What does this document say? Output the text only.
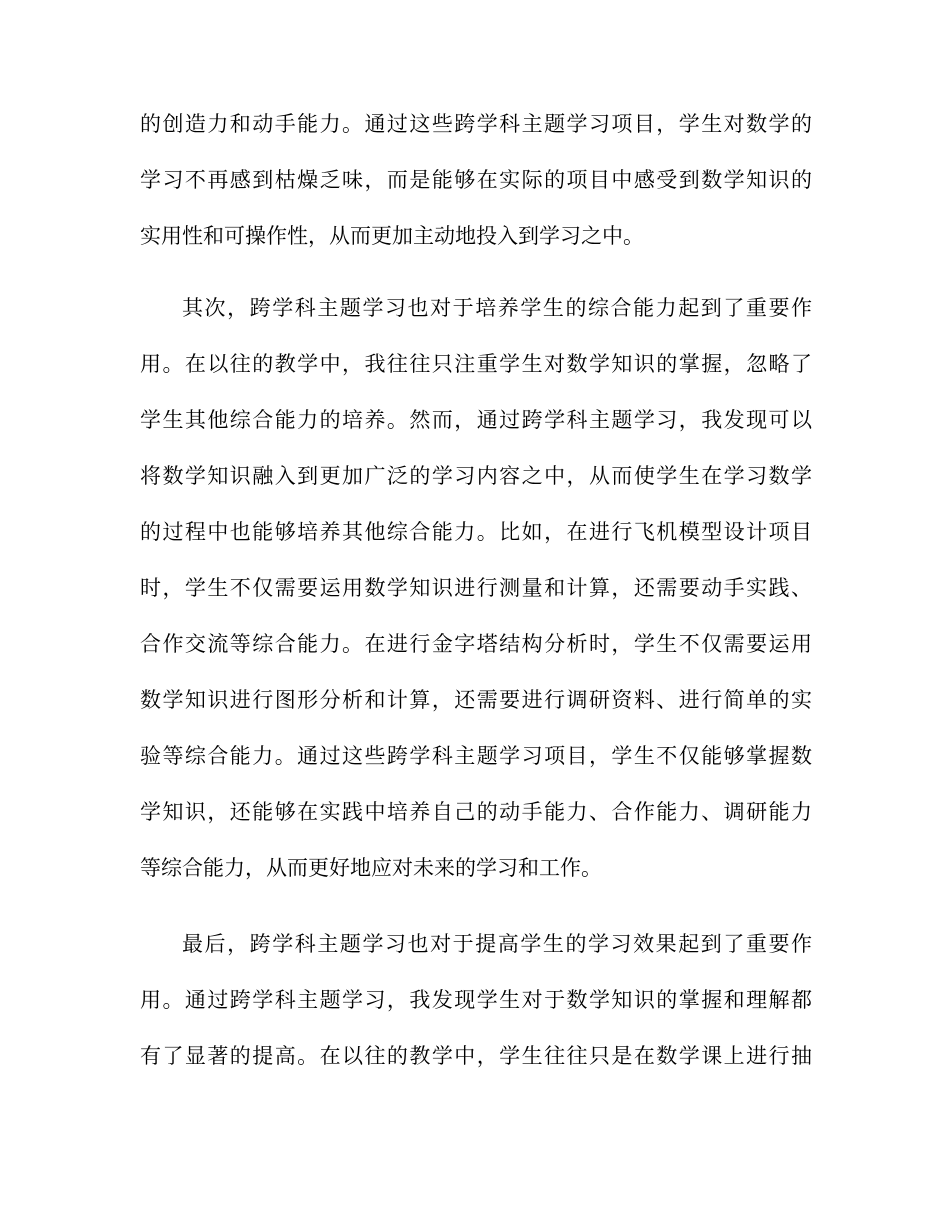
的创造力和动手能力。通过这些跨学科主题学习项目，学生对数学的
学习不再感到枯燥乏味，而是能够在实际的项目中感受到数学知识的
实用性和可操作性，从而更加主动地投入到学习之中。
其次，跨学科主题学习也对于培养学生的综合能力起到了重要作
用。在以往的教学中，我往往只注重学生对数学知识的掌握，忽略了
学生其他综合能力的培养。然而，通过跨学科主题学习，我发现可以
将数学知识融入到更加广泛的学习内容之中，从而使学生在学习数学
的过程中也能够培养其他综合能力。比如，在进行飞机模型设计项目
时，学生不仅需要运用数学知识进行测量和计算，还需要动手实践、
合作交流等综合能力。在进行金字塔结构分析时，学生不仅需要运用
数学知识进行图形分析和计算，还需要进行调研资料、进行简单的实
验等综合能力。通过这些跨学科主题学习项目，学生不仅能够掌握数
学知识，还能够在实践中培养自己的动手能力、合作能力、调研能力
等综合能力，从而更好地应对未来的学习和工作。
最后，跨学科主题学习也对于提高学生的学习效果起到了重要作
用。通过跨学科主题学习，我发现学生对于数学知识的掌握和理解都
有了显著的提高。在以往的教学中，学生往往只是在数学课上进行抽
